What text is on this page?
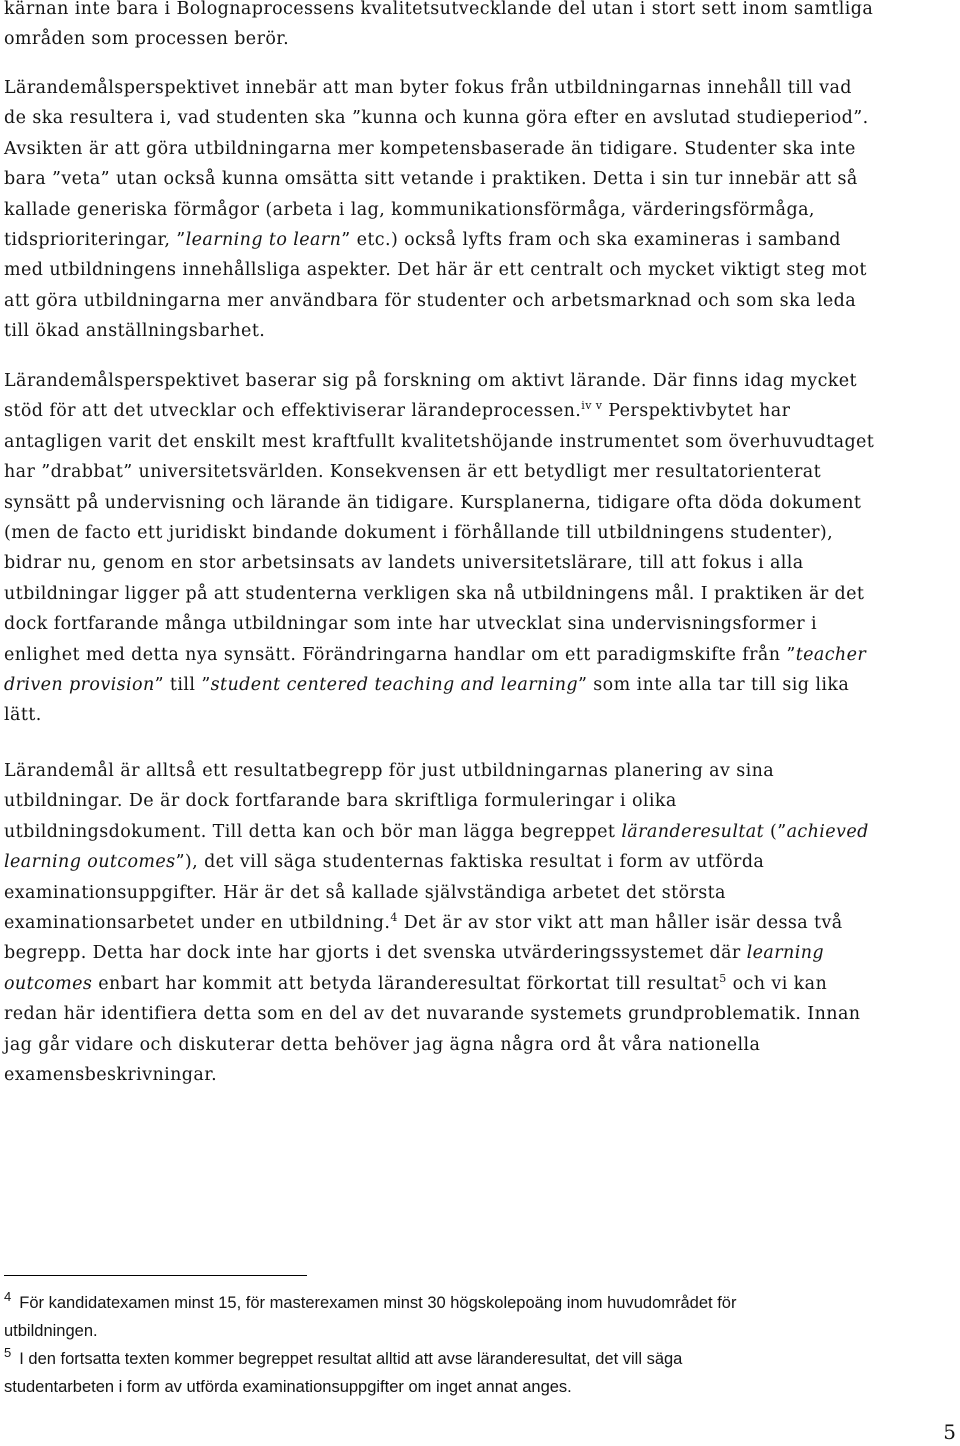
kärnan inte bara i Bolognaprocessens kvalitetsutvecklande del utan i stort sett inom samtliga
områden som processen berör.
Lärandemålsperspektivet innebär att man byter fokus från utbildningarnas innehåll till vad
de ska resultera i, vad studenten ska ”kunna och kunna göra efter en avslutad studieperiod”.
Avsikten är att göra utbildningarna mer kompetensbaserade än tidigare. Studenter ska inte
bara ”veta” utan också kunna omsätta sitt vetande i praktiken. Detta i sin tur innebär att så
kallade generiska förmågor (arbeta i lag, kommunikationsförmåga, värderingsförmåga,
tidsprioriteringar, ”learning to learn” etc.) också lyfts fram och ska examineras i samband
med utbildningens innehållsliga aspekter. Det här är ett centralt och mycket viktigt steg mot
att göra utbildningarna mer användbara för studenter och arbetsmarknad och som ska leda
till ökad anställningsbarhet.
Lärandemålsperspektivet baserar sig på forskning om aktivt lärande. Där finns idag mycket
stöd för att det utvecklar och effektiviserar lärandeprocessen.$^{iv v}$ Perspektivbytet har
antagligen varit det enskilt mest kraftfullt kvalitetshöjande instrumentet som överhuvudtaget
har ”drabbat” universitetsvärlden. Konsekvensen är ett betydligt mer resultatorienterat
synsätt på undervisning och lärande än tidigare. Kursplanerna, tidigare ofta döda dokument
(men de facto ett juridiskt bindande dokument i förhållande till utbildningens studenter),
bidrar nu, genom en stor arbetsinsats av landets universitetslärare, till att fokus i alla
utbildningar ligger på att studenterna verkligen ska nå utbildningens mål. I praktiken är det
dock fortfarande många utbildningar som inte har utvecklat sina undervisningsformer i
enlighet med detta nya synsätt. Förändringarna handlar om ett paradigmskifte från ”teacher
driven provision” till ”student centered teaching and learning” som inte alla tar till sig lika
lätt.
Lärandemål är alltså ett resultatbegrepp för just utbildningarnas planering av sina
utbildningar. De är dock fortfarande bara skriftliga formuleringar i olika
utbildningsdokument. Till detta kan och bör man lägga begreppet läranderesultat (”achieved
learning outcomes”), det vill säga studenternas faktiska resultat i form av utförda
examinationsuppgifter. Här är det så kallade självständiga arbetet det största
examinationsarbetet under en utbildning.$^4$ Det är av stor vikt att man håller isär dessa två
begrepp. Detta har dock inte har gjorts i det svenska utvärderingssystemet där learning
outcomes enbart har kommit att betyda läranderesultat förkortat till resultat$^5$ och vi kan
redan här identifiera detta som en del av det nuvarande systemets grundproblematik. Innan
jag går vidare och diskuterar detta behöver jag ägna några ord åt våra nationella
examensbeskrivningar.
$^4$ För kandidatexamen minst 15, för masterexamen minst 30 högskolepoäng inom huvudområdet för
utbildningen.
$^5$ I den fortsatta texten kommer begreppet resultat alltid att avse läranderesultat, det vill säga
studentarbeten i form av utförda examinationsuppgifter om inget annat anges.
5
